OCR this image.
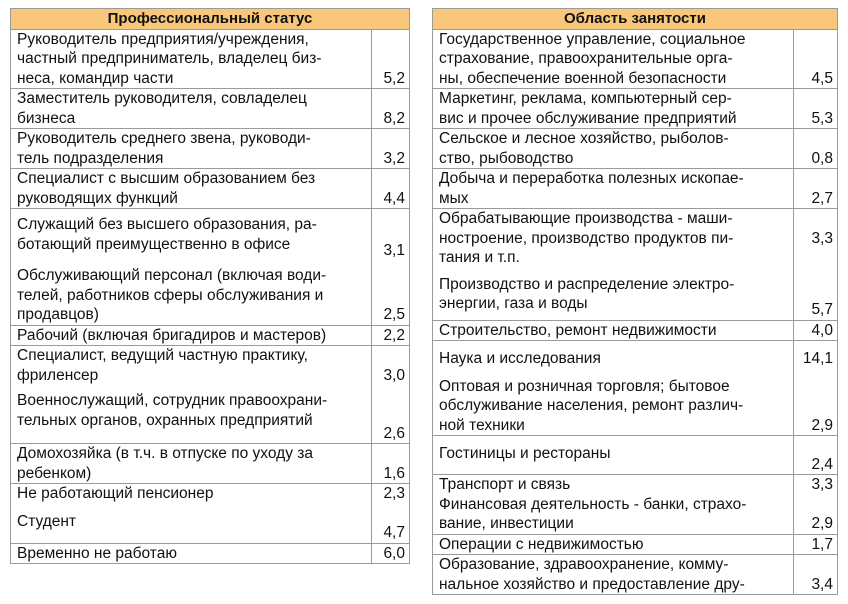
Профессиональный статус	
Руководитель предприятия/учреждения,
частный предприниматель, владелец биз-
неса, командир части	5,2
Заместитель руководителя, совладелец
бизнеса	8,2
Руководитель среднего звена, руководи-
тель подразделения	3,2
Специалист с высшим образованием без
руководящих функций	4,4
Служащий без высшего образования, ра-
ботающий преимущественно в офисе	3,1
Обслуживающий персонал (включая води-
телей, работников сферы обслуживания и
продавцов)	2,5
Рабочий (включая бригадиров и мастеров)	2,2
Специалист, ведущий частную практику,
фриленсер	3,0
Военнослужащий, сотрудник правоохрани-
тельных органов, охранных предприятий	2,6
Домохозяйка (в т.ч. в отпуске по уходу за
ребенком)	1,6
Не работающий пенсионер	2,3
Студент	4,7
Временно не работаю	6,0
Область занятости	
Государственное управление, социальное
страхование, правоохранительные орга-
ны, обеспечение военной безопасности	4,5
Маркетинг, реклама, компьютерный сер-
вис и прочее обслуживание предприятий	5,3
Сельское и лесное хозяйство, рыболов-
ство, рыбоводство	0,8
Добыча и переработка полезных ископае-
мых	2,7
Обрабатывающие производства - маши-
ностроение, производство продуктов пи-
тания и т.п.	3,3
Производство и распределение электро-
энергии, газа и воды	5,7
Строительство, ремонт недвижимости	4,0
Наука и исследования	14,1
Оптовая и розничная торговля; бытовое
обслуживание населения, ремонт различ-
ной техники	2,9
Гостиницы и рестораны	2,4
Транспорт и связь	3,3
Финансовая деятельность - банки, страхо-
вание, инвестиции	2,9
Операции с недвижимостью	1,7
Образование, здравоохранение, комму-
нальное хозяйство и предоставление дру-	3,4
